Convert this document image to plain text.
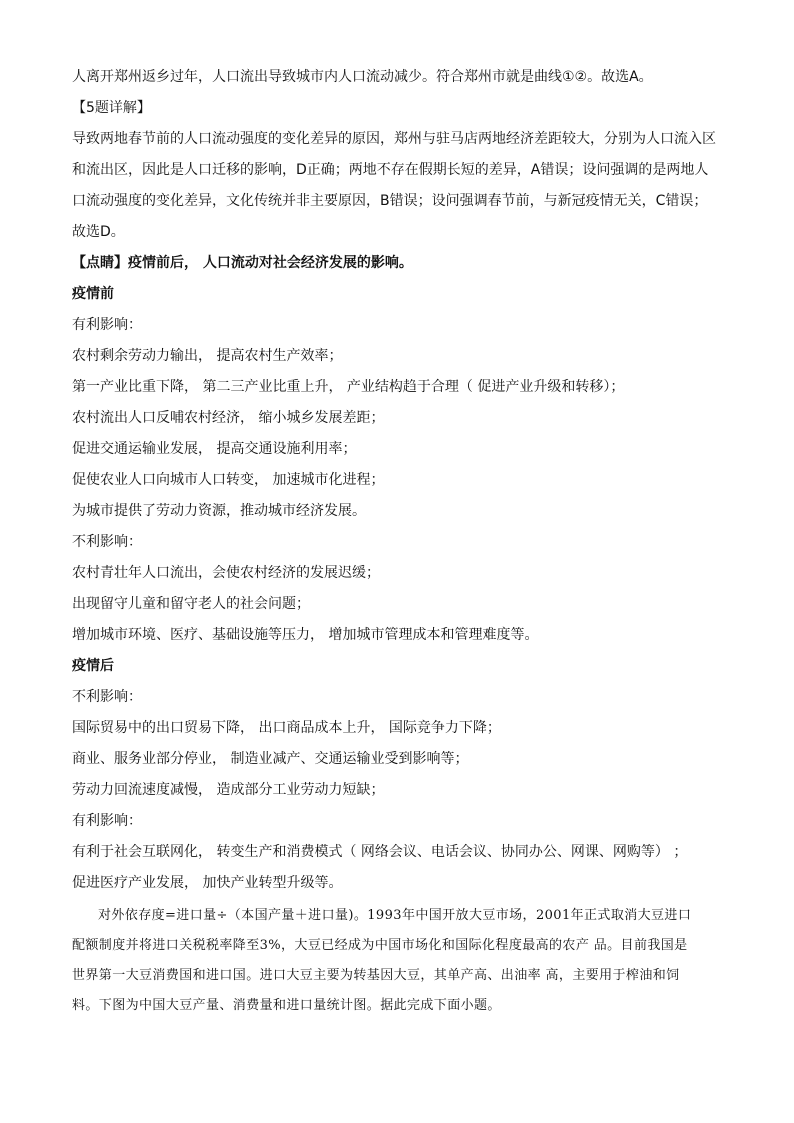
人离开郑州返乡过年，人口流出导致城市内人口流动减少。符合郑州市就是曲线①②。故选A。
【5题详解】
导致两地春节前的人口流动强度的变化差异的原因，郑州与驻马店两地经济差距较大，分别为人口流入区
和流出区，因此是人口迁移的影响，D正确；两地不存在假期长短的差异，A错误；设问强调的是两地人
口流动强度的变化差异，文化传统并非主要原因，B错误；设问强调春节前，与新冠疫情无关，C错误；
故选D。
【点睛】疫情前后， 人口流动对社会经济发展的影响。
疫情前
有利影响：
农村剩余劳动力输出， 提高农村生产效率；
第一产业比重下降， 第二三产业比重上升， 产业结构趋于合理（ 促进产业升级和转移）；
农村流出人口反哺农村经济， 缩小城乡发展差距；
促进交通运输业发展， 提高交通设施利用率；
促使农业人口向城市人口转变， 加速城市化进程；
为城市提供了劳动力资源，推动城市经济发展。
不利影响：
农村青壮年人口流出，会使农村经济的发展迟缓；
出现留守儿童和留守老人的社会问题；
增加城市环境、医疗、基础设施等压力， 增加城市管理成本和管理难度等。
疫情后
不利影响：
国际贸易中的出口贸易下降， 出口商品成本上升， 国际竞争力下降；
商业、服务业部分停业， 制造业减产、交通运输业受到影响等；
劳动力回流速度减慢， 造成部分工业劳动力短缺；
有利影响：
有利于社会互联网化， 转变生产和消费模式（ 网络会议、电话会议、协同办公、网课、网购等） ；
促进医疗产业发展， 加快产业转型升级等。
对外依存度=进口量÷（本国产量＋进口量)。1993年中国开放大豆市场，2001年正式取消大豆进口
配额制度并将进口关税税率降至3%，大豆已经成为中国市场化和国际化程度最高的农产 品。目前我国是
世界第一大豆消费国和进口国。进口大豆主要为转基因大豆，其单产高、出油率 高，主要用于榨油和饲
料。下图为中国大豆产量、消费量和进口量统计图。据此完成下面小题。
